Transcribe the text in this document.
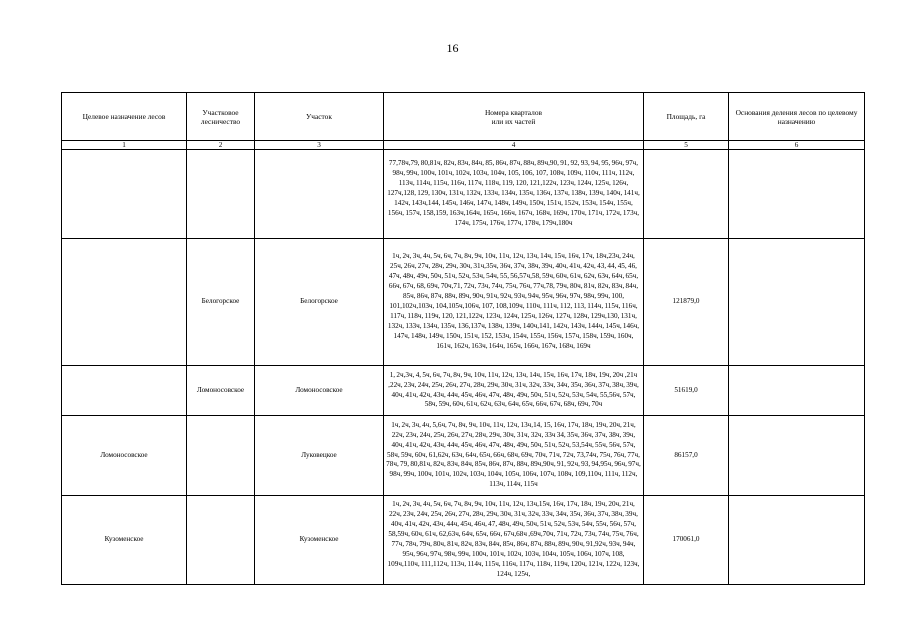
16
Целевое назначение лесов	Участковое лесничество	Участок	Номера кварталов
или их частей	Площадь, га	Основания деления лесов по целевому назначению
1	2	3	4	5	6
			77,78ч,79, 80,81ч, 82ч, 83ч, 84ч, 85, 86ч, 87ч, 88ч, 89ч,90, 91, 92, 93, 94, 95, 96ч, 97ч, 98ч, 99ч, 100ч, 101ч, 102ч, 103ч, 104ч, 105, 106, 107, 108ч, 109ч, 110ч, 111ч, 112ч, 113ч, 114ч, 115ч, 116ч, 117ч, 118ч, 119, 120, 121,122ч, 123ч, 124ч, 125ч, 126ч, 127ч,128, 129, 130ч, 131ч, 132ч, 133ч, 134ч, 135ч, 136ч, 137ч, 138ч, 139ч, 140ч, 141ч, 142ч, 143ч,144, 145ч, 146ч, 147ч, 148ч, 149ч, 150ч, 151ч, 152ч, 153ч, 154ч, 155ч, 156ч, 157ч, 158,159, 163ч,164ч, 165ч, 166ч, 167ч, 168ч, 169ч, 170ч, 171ч, 172ч, 173ч, 174ч, 175ч, 176ч, 177ч, 178ч, 179ч,180ч		
	Белогорское	Белогорское	1ч, 2ч, 3ч, 4ч, 5ч, 6ч, 7ч, 8ч, 9ч, 10ч, 11ч, 12ч, 13ч, 14ч, 15ч, 16ч, 17ч, 18ч,23ч, 24ч, 25ч, 26ч, 27ч, 28ч, 29ч, 30ч, 31ч,35ч, 36ч, 37ч, 38ч, 39ч, 40ч, 41ч, 42ч, 43, 44, 45, 46, 47ч, 48ч, 49ч, 50ч, 51ч, 52ч, 53ч, 54ч, 55, 56,57ч,58, 59ч, 60ч, 61ч, 62ч, 63ч, 64ч, 65ч, 66ч, 67ч, 68, 69ч, 70ч,71, 72ч, 73ч, 74ч, 75ч, 76ч, 77ч,78, 79ч, 80ч, 81ч, 82ч, 83ч, 84ч, 85ч, 86ч, 87ч, 88ч, 89ч, 90ч, 91ч, 92ч, 93ч, 94ч, 95ч, 96ч, 97ч, 98ч, 99ч, 100, 101,102ч,103ч, 104,105ч,106ч, 107, 108,109ч, 110ч, 111ч, 112, 113, 114ч, 115ч, 116ч, 117ч, 118ч, 119ч, 120, 121,122ч, 123ч, 124ч, 125ч, 126ч, 127ч, 128ч, 129ч,130, 131ч, 132ч, 133ч, 134ч, 135ч, 136,137ч, 138ч, 139ч, 140ч,141, 142ч, 143ч, 144ч, 145ч, 146ч, 147ч, 148ч, 149ч, 150ч, 151ч, 152, 153ч, 154ч, 155ч, 156ч, 157ч, 158ч, 159ч, 160ч, 161ч, 162ч, 163ч, 164ч, 165ч, 166ч, 167ч, 168ч, 169ч	121879,0	
	Ломоносовское	Ломоносовское	1, 2ч,3ч, 4, 5ч, 6ч, 7ч, 8ч, 9ч, 10ч, 11ч, 12ч, 13ч, 14ч, 15ч, 16ч, 17ч, 18ч, 19ч, 20ч ,21ч ,22ч, 23ч, 24ч, 25ч, 26ч, 27ч, 28ч, 29ч, 30ч, 31ч, 32ч, 33ч, 34ч, 35ч, 36ч, 37ч, 38ч, 39ч, 40ч, 41ч, 42ч, 43ч, 44ч, 45ч, 46ч, 47ч, 48ч, 49ч, 50ч, 51ч, 52ч, 53ч, 54ч, 55,56ч, 57ч, 58ч, 59ч, 60ч, 61ч, 62ч, 63ч, 64ч, 65ч, 66ч, 67ч, 68ч, 69ч, 70ч	51619,0	
Ломоносовское		Луковецкое	1ч, 2ч, 3ч, 4ч, 5,6ч, 7ч, 8ч, 9ч, 10ч, 11ч, 12ч, 13ч,14, 15, 16ч, 17ч, 18ч, 19ч, 20ч, 21ч, 22ч, 23ч, 24ч, 25ч, 26ч, 27ч, 28ч, 29ч, 30ч, 31ч, 32ч, 33ч 34, 35ч, 36ч, 37ч, 38ч, 39ч, 40ч, 41ч, 42ч, 43ч, 44ч, 45ч, 46ч, 47ч, 48ч, 49ч, 50ч, 51ч, 52ч, 53,54ч, 55ч, 56ч, 57ч, 58ч, 59ч, 60ч, 61,62ч, 63ч, 64ч, 65ч, 66ч, 68ч, 69ч, 70ч, 71ч, 72ч, 73,74ч, 75ч, 76ч, 77ч, 78ч, 79, 80,81ч, 82ч, 83ч, 84ч, 85ч, 86ч, 87ч, 88ч, 89ч,90ч, 91, 92ч, 93, 94,95ч, 96ч, 97ч, 98ч, 99ч, 100ч, 101ч, 102ч, 103ч, 104ч, 105ч, 106ч, 107ч, 108ч, 109,110ч, 111ч, 112ч, 113ч, 114ч, 115ч	86157,0	
Кузоменское		Кузоменское	1ч, 2ч, 3ч, 4ч, 5ч, 6ч, 7ч, 8ч, 9ч, 10ч, 11ч, 12ч, 13ч,15ч, 16ч, 17ч, 18ч, 19ч, 20ч, 21ч, 22ч, 23ч, 24ч, 25ч, 26ч, 27ч, 28ч, 29ч, 30ч, 31ч, 32ч, 33ч, 34ч, 35ч, 36ч, 37ч, 38ч, 39ч, 40ч, 41ч, 42ч, 43ч, 44ч, 45ч, 46ч, 47, 48ч, 49ч, 50ч, 51ч, 52ч, 53ч, 54ч, 55ч, 56ч, 57ч, 58,59ч, 60ч, 61ч, 62,63ч, 64ч, 65ч, 66ч, 67ч,68ч ,69ч,70ч, 71ч, 72ч, 73ч, 74ч, 75ч, 76ч, 77ч, 78ч, 79ч, 80ч, 81ч, 82ч, 83ч, 84ч, 85ч, 86ч, 87ч, 88ч, 89ч, 90ч, 91,92ч, 93ч, 94ч, 95ч, 96ч, 97ч, 98ч, 99ч, 100ч, 101ч, 102ч, 103ч, 104ч, 105ч, 106ч, 107ч, 108, 109ч,110ч, 111,112ч, 113ч, 114ч, 115ч, 116ч, 117ч, 118ч, 119ч, 120ч, 121ч, 122ч, 123ч, 124ч, 125ч,	170061,0	
